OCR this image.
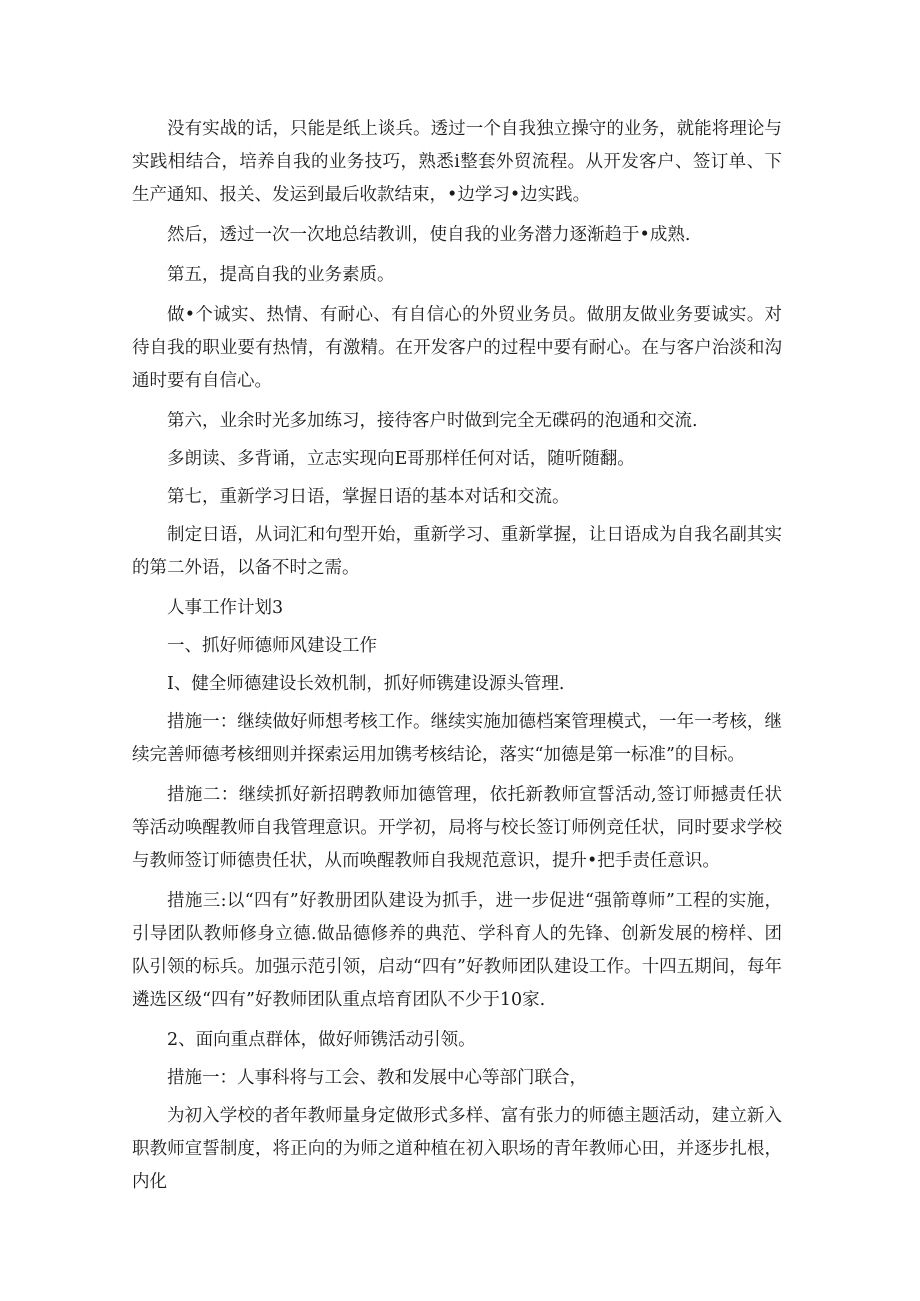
没有实战的话，只能是纸上谈兵。透过一个自我独立操守的业务，就能将理论与实践相结合，培养自我的业务技巧，熟悉i整套外贸流程。从开发客户、签订单、下生产通知、报关、发运到最后收款结束，•边学习•边实践。

然后，透过一次一次地总结教训，使自我的业务潜力逐渐趋于•成熟.

第五，提高自我的业务素质。

做•个诚实、热情、有耐心、有自信心的外贸业务员。做朋友做业务要诚实。对待自我的职业要有热情，有激精。在开发客户的过程中要有耐心。在与客户治淡和沟通时要有自信心。

第六，业余时光多加练习，接待客户时做到完全无碟码的泡通和交流.

多朗读、多背诵，立志实现向E哥那样任何对话，随听随翻。

第七，重新学习日语，掌握日语的基本对话和交流。

制定日语，从词汇和句型开始，重新学习、重新掌握，让日语成为自我名副其实的第二外语，以备不时之需。

人事工作计划3

一、抓好师德师风建设工作

I、健全师德建设长效机制，抓好师镌建设源头管理.

措施一：继续做好师想考核工作。继续实施加德档案管理模式，一年一考核，继续完善师德考核细则并探索运用加镌考核结论，落实“加德是第一标准”的目标。

措施二：继续抓好新招聘教师加德管理，依托新教师宣誓活动,签订师撼责任状等活动唤醒教师自我管理意识。开学初，局将与校长签订师例竞任状，同时要求学校与教师签订师德贵任状，从而唤醒教师自我规范意识，提升•把手责任意识。

措施三:以“四有”好教册团队建设为抓手，进一步促进“强箭尊师”工程的实施，引导团队教师修身立德.做品德修养的典范、学科育人的先锋、创新发展的榜样、团队引领的标兵。加强示范引领，启动“四有”好教师团队建设工作。十四五期间，每年遴选区级“四有”好教师团队重点培育团队不少于10家.

2、面向重点群体，做好师镌活动引领。

措施一：人事科将与工会、教和发展中心等部门联合，

为初入学校的者年教师量身定做形式多样、富有张力的师德主题活动，建立新入职教师宣誓制度，将正向的为师之道种植在初入职场的青年教师心田，并逐步扎根，内化
